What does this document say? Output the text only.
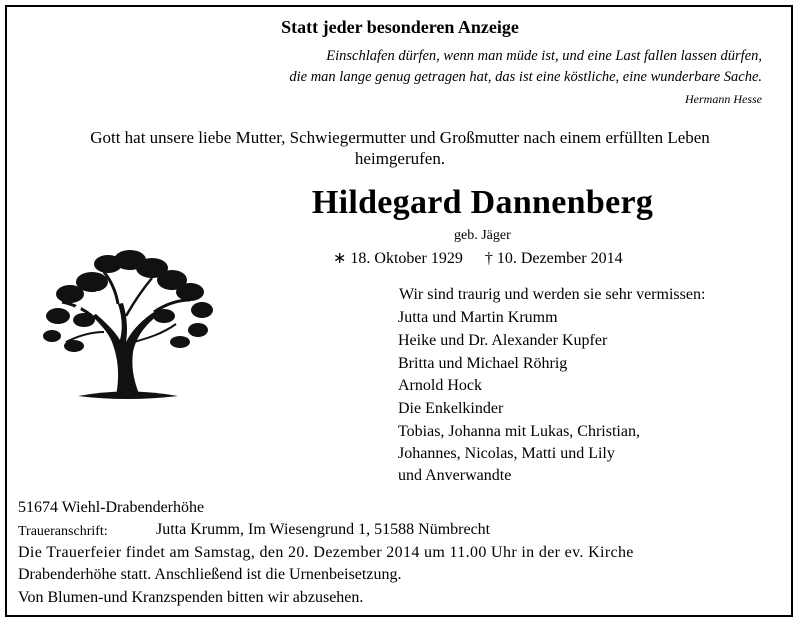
Statt jeder besonderen Anzeige
Einschlafen dürfen, wenn man müde ist, und eine Last fallen lassen dürfen,
die man lange genug getragen hat, das ist eine köstliche, eine wunderbare Sache.
Hermann Hesse
Gott hat unsere liebe Mutter, Schwiegermutter und Großmutter nach einem erfüllten Leben
heimgerufen.
Hildegard Dannenberg
geb. Jäger
∗ 18. Oktober 1929 † 10. Dezember 2014
Wir sind traurig und werden sie sehr vermissen:
Jutta und Martin Krumm
Heike und Dr. Alexander Kupfer
Britta und Michael Röhrig
Arnold Hock
Die Enkelkinder
Tobias, Johanna mit Lukas, Christian,
Johannes, Nicolas, Matti und Lily
und Anverwandte
51674 Wiehl-Drabenderhöhe
Traueranschrift:	Jutta Krumm, Im Wiesengrund 1, 51588 Nümbrecht
Die Trauerfeier findet am Samstag, den 20. Dezember 2014 um 11.00 Uhr in der ev. Kirche
Drabenderhöhe statt. Anschließend ist die Urnenbeisetzung.
Von Blumen-und Kranzspenden bitten wir abzusehen.
